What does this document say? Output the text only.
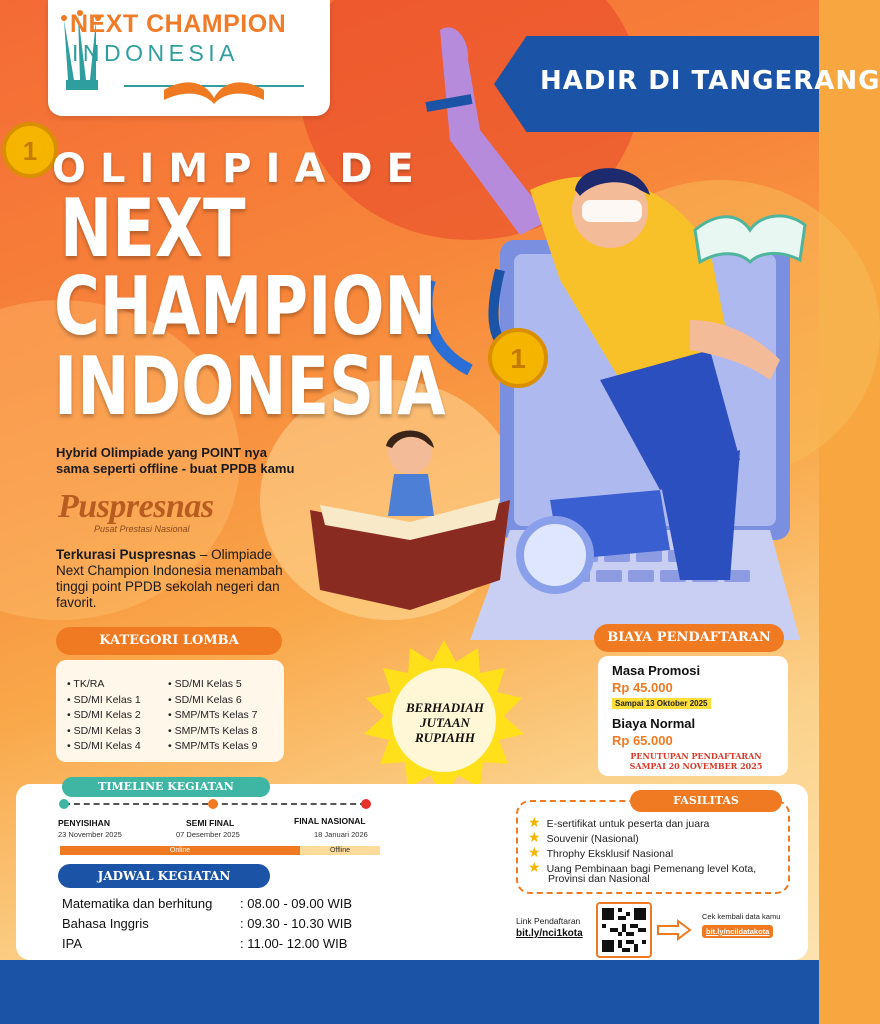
1
1
NEXT CHAMPION
INDONESIA
HADIR DI TANGERANG
OLIMPIADE
NEXT
CHAMPION
INDONESIA
Hybrid Olimpiade yang POINT nya sama seperti offline - buat PPDB kamu
Puspresnas
Pusat Prestasi Nasional
Terkurasi Puspresnas – Olimpiade Next Champion Indonesia menambah tinggi point PPDB sekolah negeri dan favorit.
KATEGORI LOMBA
• TK/RA
• SD/MI Kelas 1
• SD/MI Kelas 2
• SD/MI Kelas 3
• SD/MI Kelas 4
• SD/MI Kelas 5
• SD/MI Kelas 6
• SMP/MTs Kelas 7
• SMP/MTs Kelas 8
• SMP/MTs Kelas 9
BIAYA PENDAFTARAN
Masa Promosi
Rp 45.000
Sampai 13 Oktober 2025
Biaya Normal
Rp 65.000
PENUTUPAN PENDAFTARAN SAMPAI 20 NOVEMBER 2025
BERHADIAH
JUTAAN
RUPIAHH
TIMELINE KEGIATAN
PENYISIHAN
23 November 2025
SEMI FINAL
07 Desember 2025
FINAL NASIONAL
18 Januari 2026
Online	Offline
JADWAL KEGIATAN
Matematika dan berhitung : 08.00 - 09.00 WIB
Bahasa Inggris	: 09.30 - 10.30 WIB
IPA	: 11.00- 12.00 WIB
FASILITAS
★ E-sertifikat untuk peserta dan juara
★ Souvenir (Nasional)
★ Throphy Eksklusif Nasional
★ Uang Pembinaan bagi Pemenang level Kota,
Provinsi dan Nasional
Link Pendaftaran
bit.ly/nci1kota
Cek kembali data kamu
bit.ly/ncildatakota
